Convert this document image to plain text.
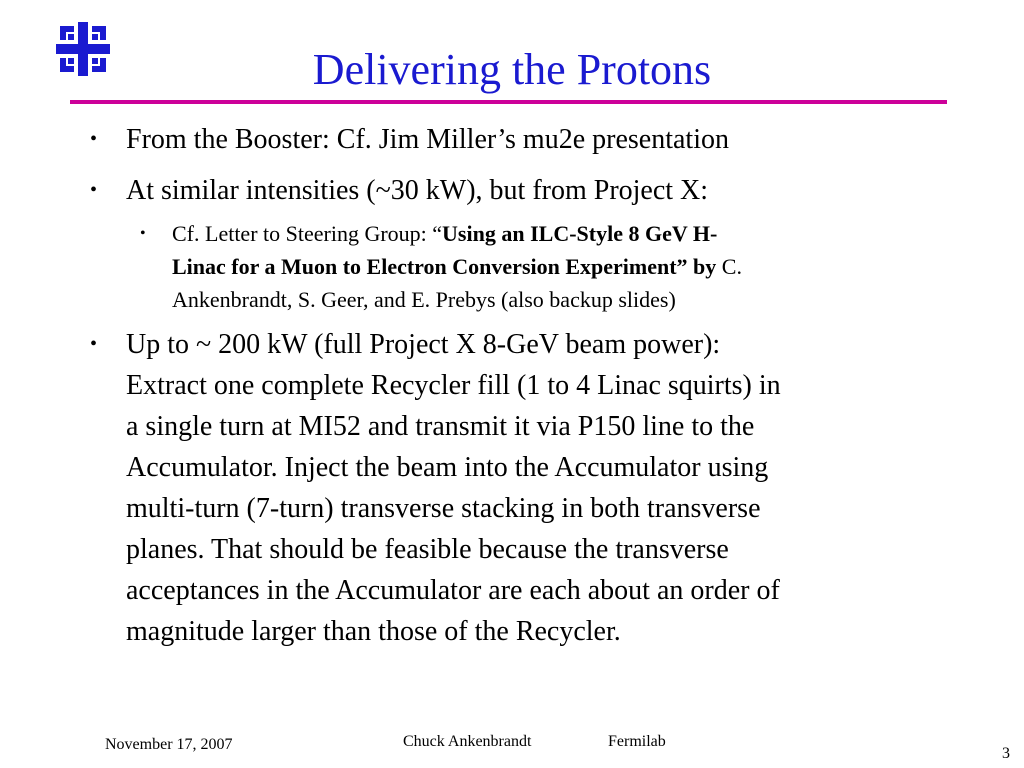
Delivering the Protons
• From the Booster: Cf. Jim Miller’s mu2e presentation
• At similar intensities (~30 kW), but from Project X:
• Cf. Letter to Steering Group: “Using an ILC-Style 8 GeV H-
Linac for a Muon to Electron Conversion Experiment” by C.
Ankenbrandt, S. Geer, and E. Prebys (also backup slides)
• Up to ~ 200 kW (full Project X 8-GeV beam power):
Extract one complete Recycler fill (1 to 4 Linac squirts) in
a single turn at MI52 and transmit it via P150 line to the
Accumulator. Inject the beam into the Accumulator using
multi-turn (7-turn) transverse stacking in both transverse
planes. That should be feasible because the transverse
acceptances in the Accumulator are each about an order of
magnitude larger than those of the Recycler.
November 17, 2007	Chuck Ankenbrandt	Fermilab
3
